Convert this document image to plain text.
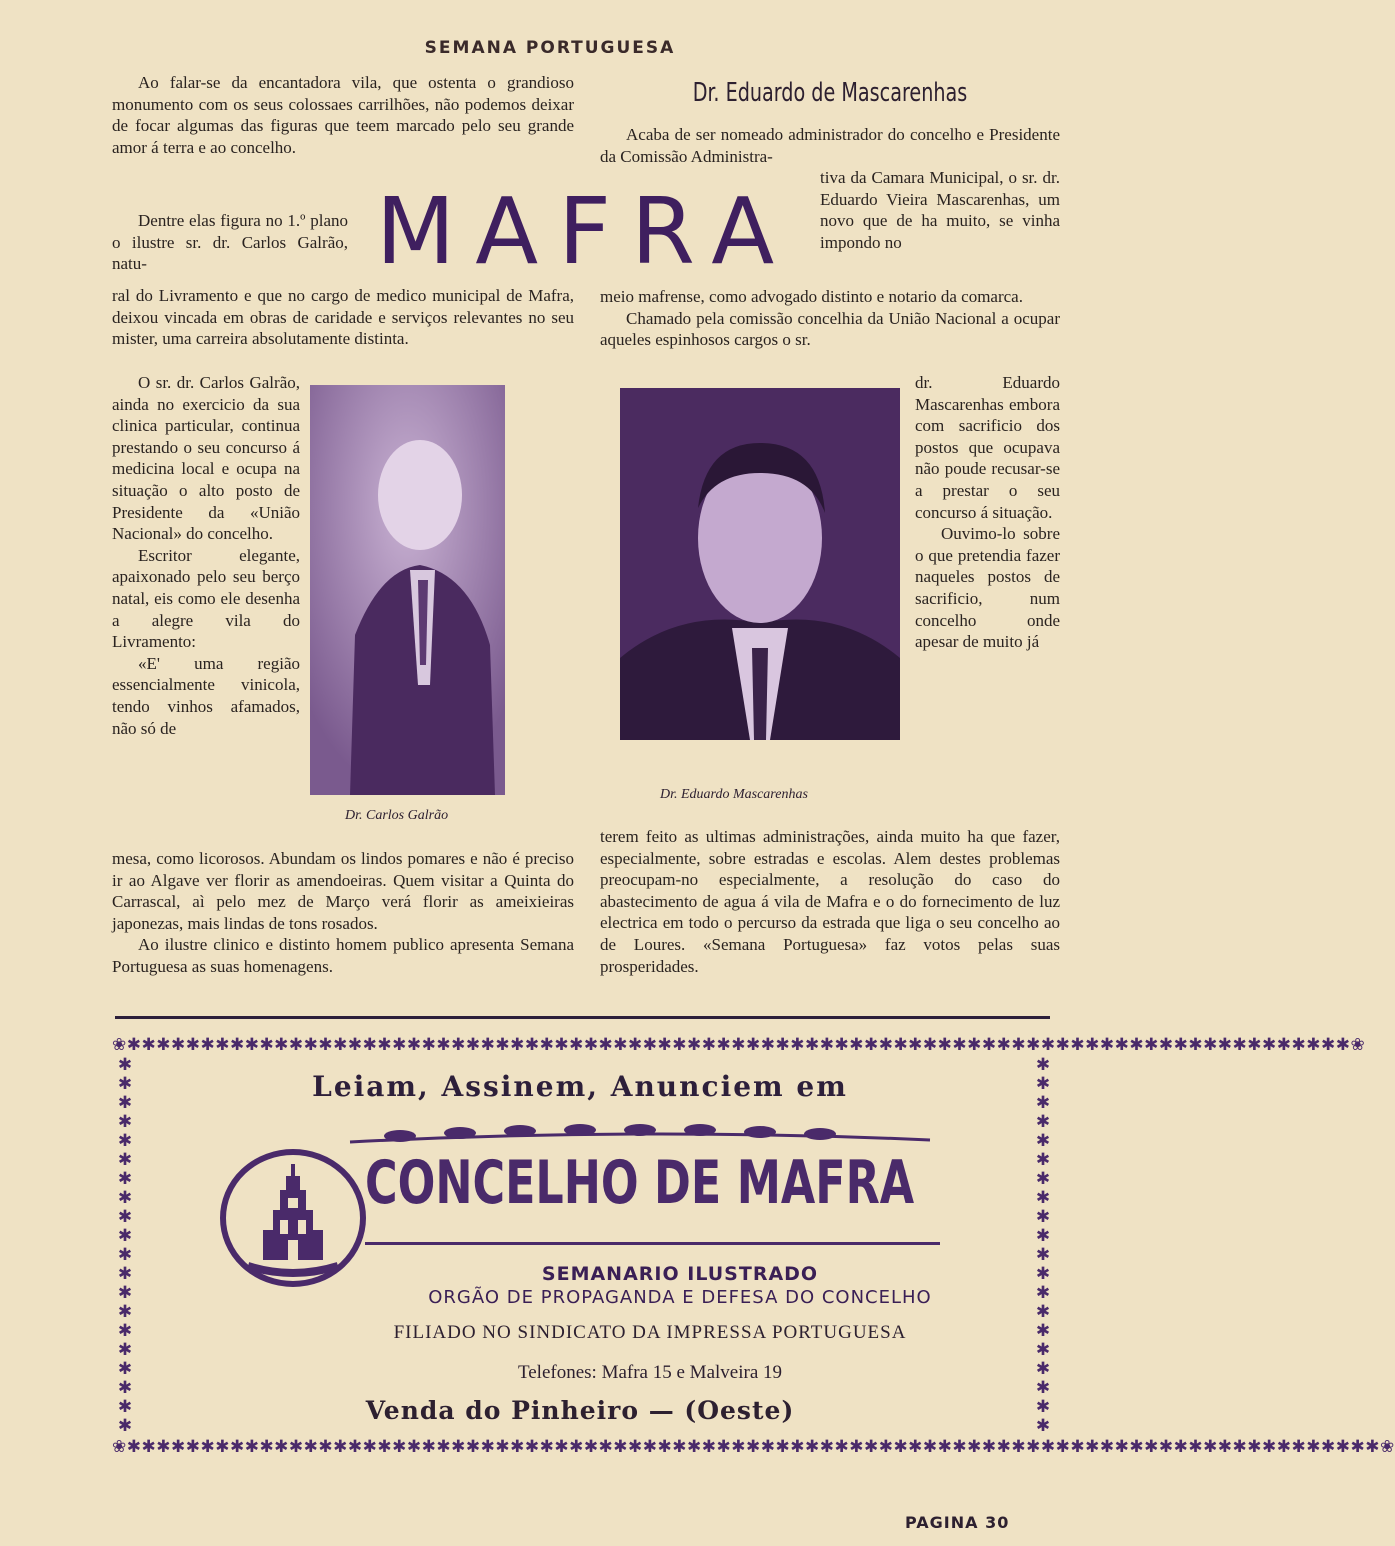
SEMANA PORTUGUESA

Ao falar-se da encantadora vila, que ostenta o grandioso monumento com os seus colossaes carrilhões, não podemos deixar de focar algumas das figuras que teem marcado pelo seu grande amor á terra e ao concelho.

MAFRA

Dentre elas figura no 1.º plano o ilustre sr. dr. Carlos Galrão, natu-

ral do Livramento e que no cargo de medico municipal de Mafra, deixou vincada em obras de caridade e serviços relevantes no seu mister, uma carreira absolutamente distinta.

O sr. dr. Carlos Galrão, ainda no exercicio da sua clinica particular, continua prestando o seu concurso á medicina local e ocupa na situação o alto posto de Presidente da «União Nacional» do concelho.

Escritor elegante, apaixonado pelo seu berço natal, eis como ele desenha a alegre vila do Livramento:

«E' uma região essencialmente vinicola, tendo vinhos afamados, não só de

Dr. Carlos Galrão

mesa, como licorosos. Abundam os lindos pomares e não é preciso ir ao Algave ver florir as amendoeiras. Quem visitar a Quinta do Carrascal, aì pelo mez de Março verá florir as ameixieiras japonezas, mais lindas de tons rosados.

Ao ilustre clinico e distinto homem publico apresenta Semana Portuguesa as suas homenagens.

Dr. Eduardo de Mascarenhas

Acaba de ser nomeado administrador do concelho e Presidente da Comissão Administra-

tiva da Camara Municipal, o sr. dr. Eduardo Vieira Mascarenhas, um novo que de ha muito, se vinha impondo no

meio mafrense, como advogado distinto e notario da comarca.

Chamado pela comissão concelhia da União Nacional a ocupar aqueles espinhosos cargos o sr.

Dr. Eduardo Mascarenhas

dr. Eduardo Mascarenhas embora com sacrificio dos postos que ocupava não poude recusar-se a prestar o seu concurso á situação.

Ouvimo-lo sobre o que pretendia fazer naqueles postos de sacrificio, num concelho onde apesar de muito já

terem feito as ultimas administrações, ainda muito ha que fazer, especialmente, sobre estradas e escolas. Alem destes problemas preocupam-no especialmente, a resolução do caso do abastecimento de agua á vila de Mafra e o do fornecimento de luz electrica em todo o percurso da estrada que liga o seu concelho ao de Loures. «Semana Portuguesa» faz votos pelas suas prosperidades.

❀✱✱✱✱✱✱✱✱✱✱✱✱✱✱✱✱✱✱✱✱✱✱✱✱✱✱✱✱✱✱✱✱✱✱✱✱✱✱✱✱✱✱✱✱✱✱✱✱✱✱✱✱✱✱✱✱✱✱✱✱✱✱✱✱✱✱✱✱✱✱✱✱✱✱✱✱✱✱✱✱✱✱✱❀
❀✱✱✱✱✱✱✱✱✱✱✱✱✱✱✱✱✱✱✱✱✱✱✱✱✱✱✱✱✱✱✱✱✱✱✱✱✱✱✱✱✱✱✱✱✱✱✱✱✱✱✱✱✱✱✱✱✱✱✱✱✱✱✱✱✱✱✱✱✱✱✱✱✱✱✱✱✱✱✱✱✱✱✱✱✱❀
✱
✱
✱
✱
✱
✱
✱
✱
✱
✱
✱
✱
✱
✱
✱
✱
✱
✱
✱
✱
✱
✱
✱
✱
✱
✱
✱
✱
✱
✱
✱
✱
✱
✱
✱
✱
✱
✱
✱
✱
Leiam, Assinem, Anunciem em
CONCELHO DE MAFRA
SEMANARIO ILUSTRADO
ORGÃO DE PROPAGANDA E DEFESA DO CONCELHO
FILIADO NO SINDICATO DA IMPRESSA PORTUGUESA
Telefones: Mafra 15 e Malveira 19
Venda do Pinheiro — (Oeste)
PAGINA 30
